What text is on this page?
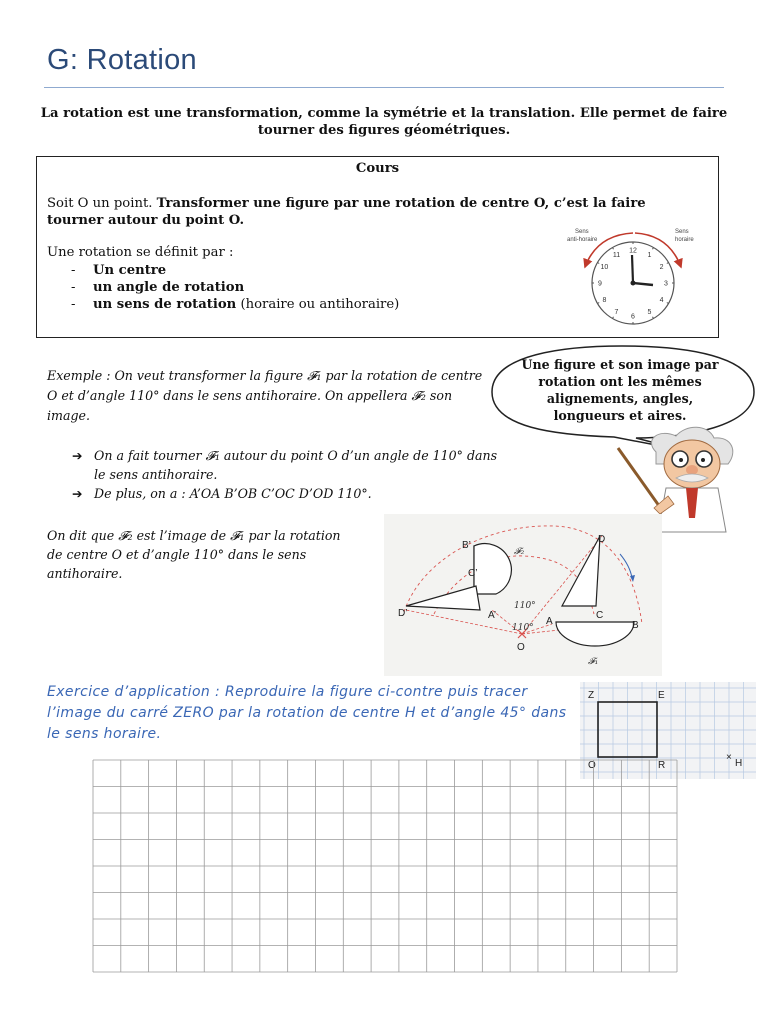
G: Rotation
La rotation est une transformation, comme la symétrie et la translation. Elle permet de faire tourner des figures géométriques.
Cours
Soit O un point. Transformer une figure par une rotation de centre O, c’est la faire tourner autour du point O.
Une rotation se définit par :
- Un centre
- un angle de rotation
- un sens de rotation (horaire ou antihoraire)
Sens
anti-horaire
Sens
horaire
12
1
2
3
4
5
6
7
8
9
10
11
Exemple : On veut transformer la figure 𝓕₁ par la rotation de centre O et d’angle 110° dans le sens antihoraire. On appellera 𝓕₂ son image.
➔ On a fait tourner 𝓕₁ autour du point O d’un angle de 110° dans le sens antihoraire.
➔ De plus, on a : A’OA B’OB C’OC D’OD 110°.
On dit que 𝓕₂ est l’image de 𝓕₁ par la rotation de centre O et d’angle 110° dans le sens antihoraire.
Une figure et son image par rotation ont les mêmes alignements, angles, longueurs et aires.
B’
C’
D’	A’
D
C
A	B
O
110°
110°
𝓕₂
𝓕₁
Exercice d’application : Reproduire la figure ci-contre puis tracer l’image du carré ZERO par la rotation de centre H et d’angle 45° dans le sens horaire.
Z	E
O	R
×
H
